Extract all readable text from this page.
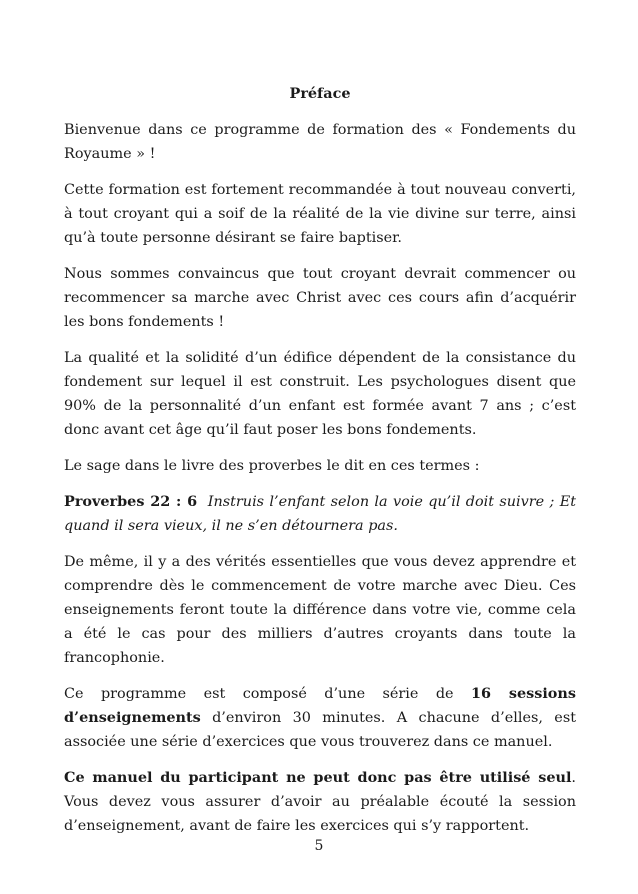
Préface

Bienvenue dans ce programme de formation des « Fondements du Royaume » !

Cette formation est fortement recommandée à tout nouveau converti, à tout croyant qui a soif de la réalité de la vie divine sur terre, ainsi qu’à toute personne désirant se faire baptiser.

Nous sommes convaincus que tout croyant devrait commencer ou recommencer sa marche avec Christ avec ces cours afin d’acquérir les bons fondements !

La qualité et la solidité d’un édifice dépendent de la consistance du fondement sur lequel il est construit. Les psychologues disent que 90% de la personnalité d’un enfant est formée avant 7 ans ; c’est donc avant cet âge qu’il faut poser les bons fondements.

Le sage dans le livre des proverbes le dit en ces termes :

Proverbes 22 : 6 Instruis l’enfant selon la voie qu’il doit suivre ; Et quand il sera vieux, il ne s’en détournera pas.

De même, il y a des vérités essentielles que vous devez apprendre et comprendre dès le commencement de votre marche avec Dieu. Ces enseignements feront toute la différence dans votre vie, comme cela a été le cas pour des milliers d’autres croyants dans toute la francophonie.

Ce programme est composé d’une série de 16 sessions d’enseignements d’environ 30 minutes. A chacune d’elles, est associée une série d’exercices que vous trouverez dans ce manuel.

Ce manuel du participant ne peut donc pas être utilisé seul. Vous devez vous assurer d’avoir au préalable écouté la session d’enseignement, avant de faire les exercices qui s’y rapportent.

5
